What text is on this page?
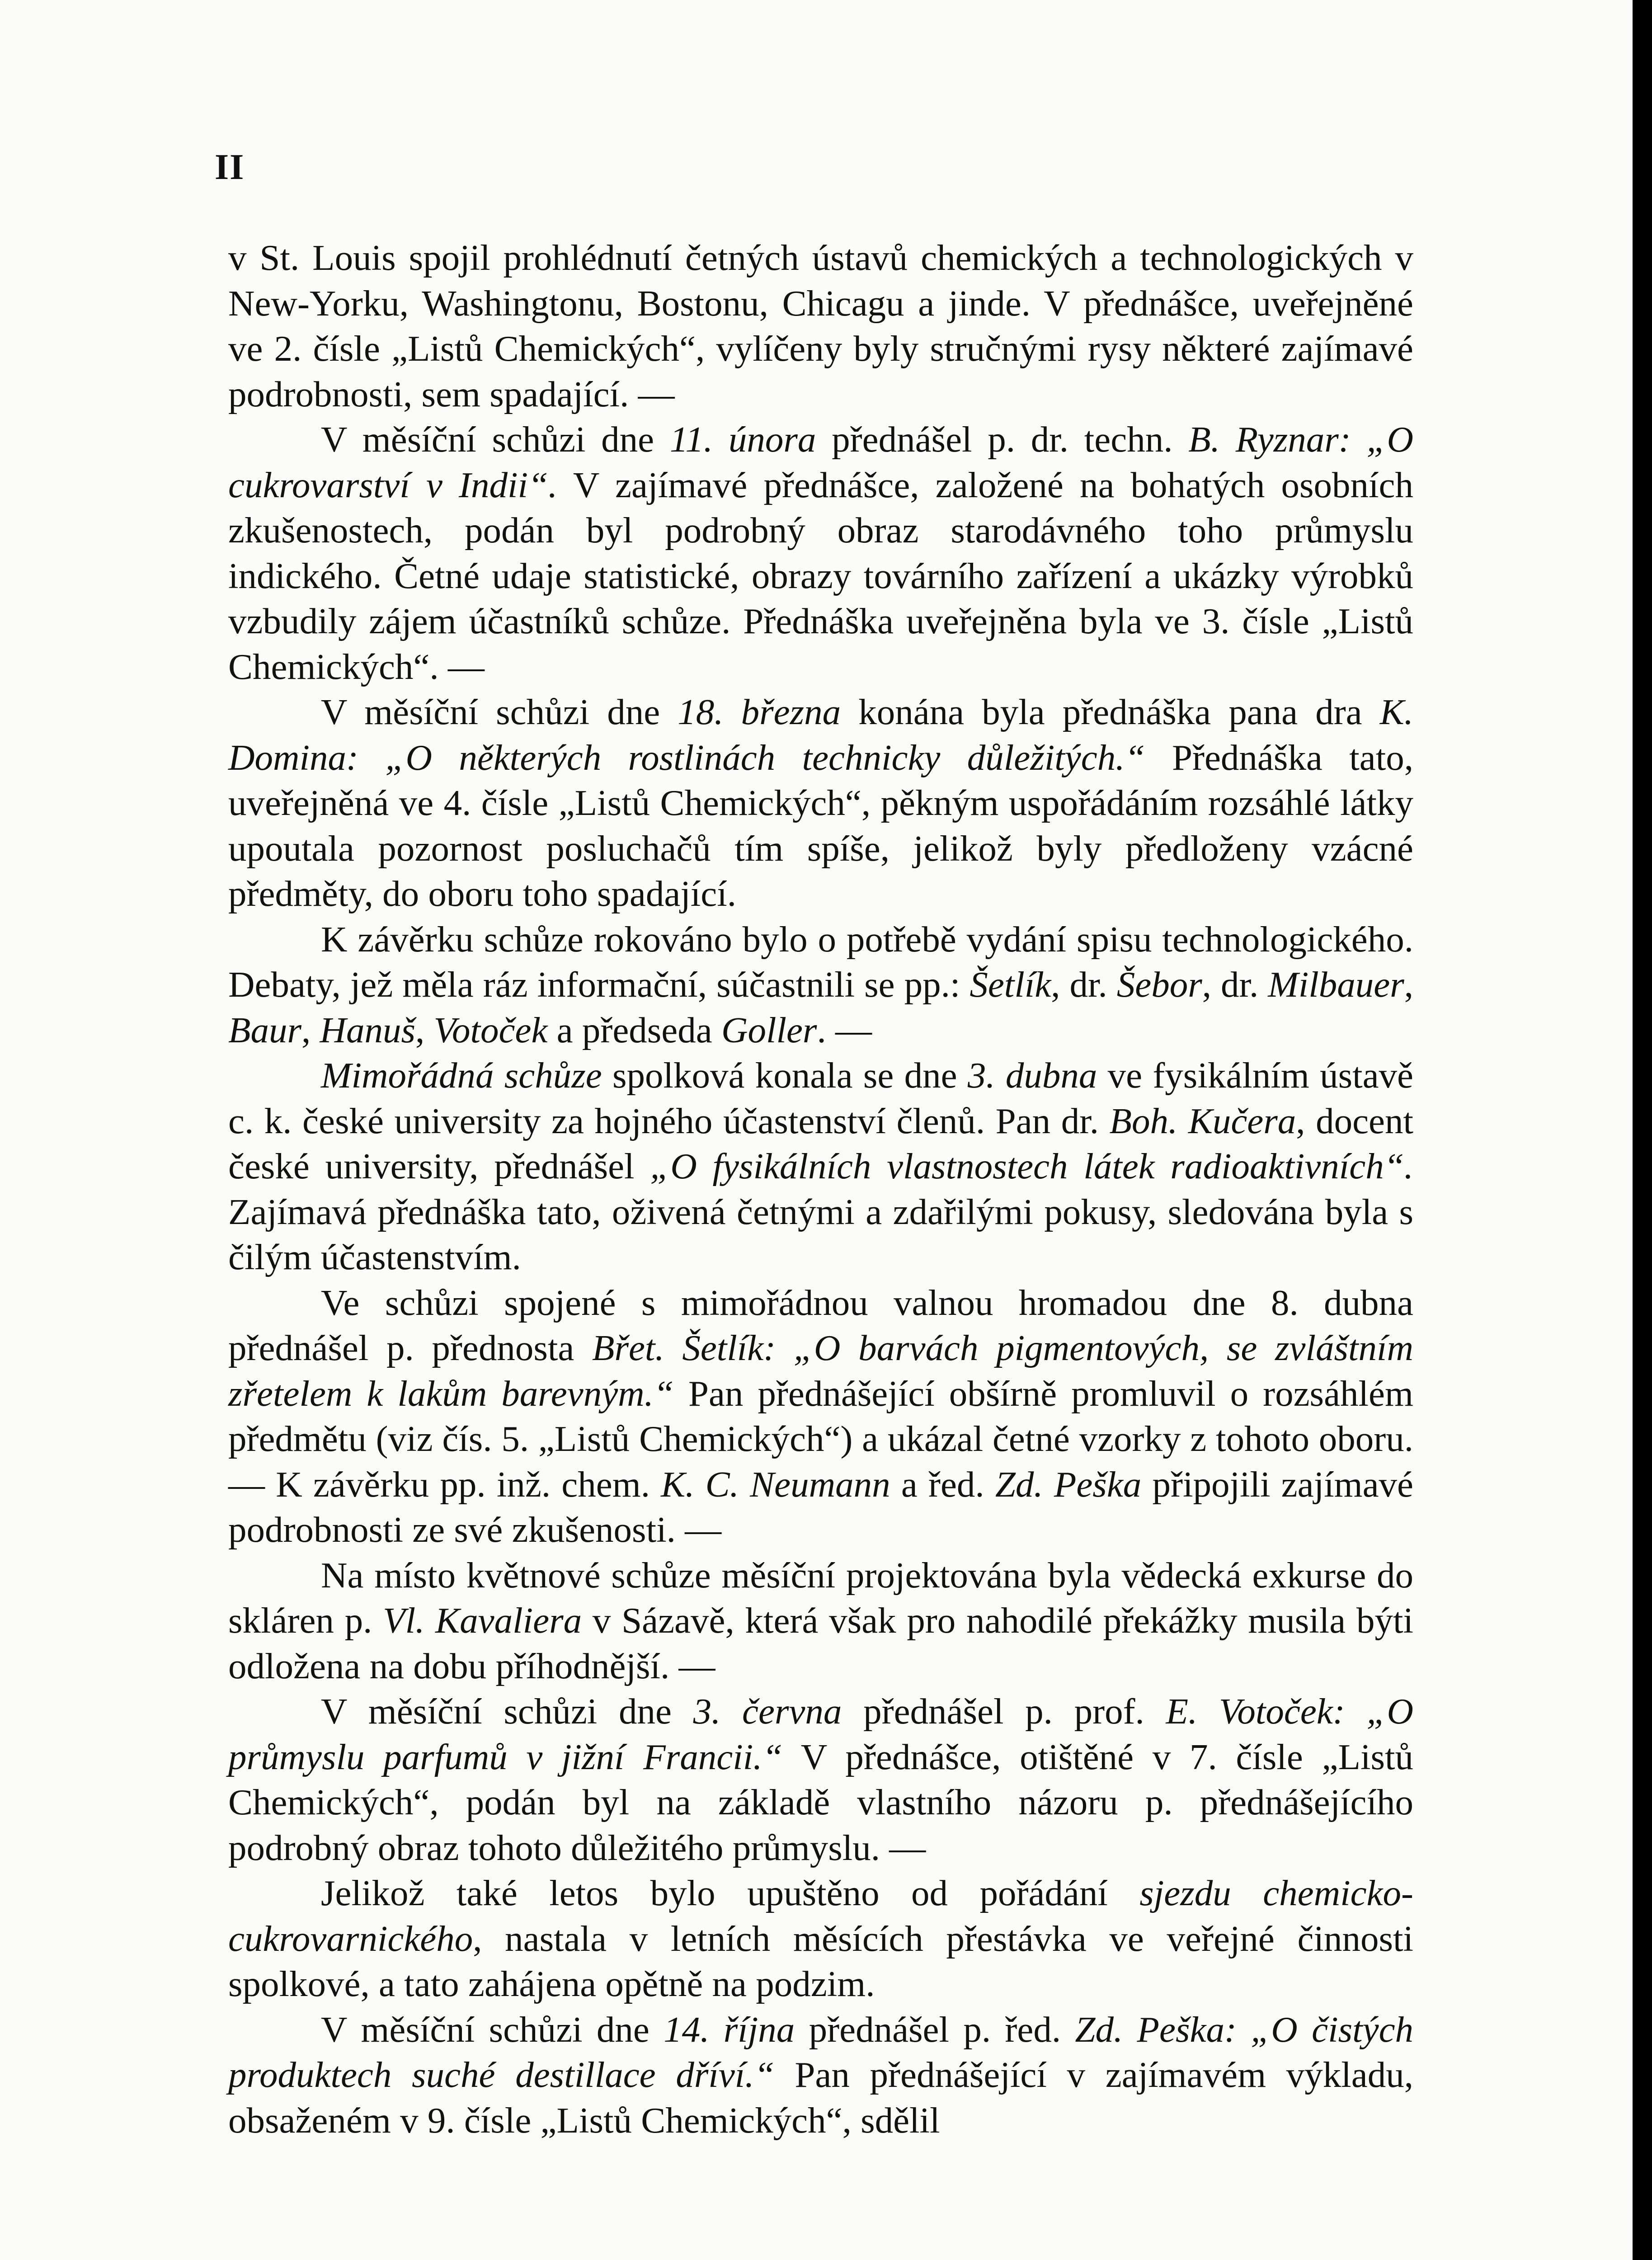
II

v St. Louis spojil prohlédnutí četných ústavů chemických a technologických v New-Yorku, Washingtonu, Bostonu, Chicagu a jinde. V přednášce, uveřejněné ve 2. čísle „Listů Chemických“, vylíčeny byly stručnými rysy některé zajímavé podrobnosti, sem spadající. —

V měsíční schůzi dne 11. února přednášel p. dr. techn. B. Ryznar: „O cukrovarství v Indii“. V zajímavé přednášce, založené na bohatých osobních zkušenostech, podán byl podrobný obraz starodávného toho průmyslu indického. Četné udaje statistické, obrazy továrního zařízení a ukázky výrobků vzbudily zájem účastníků schůze. Přednáška uveřejněna byla ve 3. čísle „Listů Chemických“. —

V měsíční schůzi dne 18. března konána byla přednáška pana dra K. Domina: „O některých rostlinách technicky důležitých.“ Přednáška tato, uveřejněná ve 4. čísle „Listů Chemických“, pěkným uspořádáním rozsáhlé látky upoutala pozornost posluchačů tím spíše, jelikož byly předloženy vzácné předměty, do oboru toho spadající.

K závěrku schůze rokováno bylo o potřebě vydání spisu technologického. Debaty, jež měla ráz informační, súčastnili se pp.: Šetlík, dr. Šebor, dr. Milbauer, Baur, Hanuš, Votoček a předseda Goller. —

Mimořádná schůze spolková konala se dne 3. dubna ve fysikálním ústavě c. k. české university za hojného účastenství členů. Pan dr. Boh. Kučera, docent české university, přednášel „O fysikálních vlastnostech látek radioaktivních“. Zajímavá přednáška tato, oživená četnými a zdařilými pokusy, sledována byla s čilým účastenstvím.

Ve schůzi spojené s mimořádnou valnou hromadou dne 8. dubna přednášel p. přednosta Břet. Šetlík: „O barvách pigmentových, se zvláštním zřetelem k lakům barevným.“ Pan přednášející obšírně promluvil o rozsáhlém předmětu (viz čís. 5. „Listů Chemických“) a ukázal četné vzorky z tohoto oboru. — K závěrku pp. inž. chem. K. C. Neumann a řed. Zd. Peška připojili zajímavé podrobnosti ze své zkušenosti. —

Na místo květnové schůze měsíční projektována byla vědecká exkurse do skláren p. Vl. Kavaliera v Sázavě, která však pro nahodilé překážky musila býti odložena na dobu příhodnější. —

V měsíční schůzi dne 3. června přednášel p. prof. E. Votoček: „O průmyslu parfumů v jižní Francii.“ V přednášce, otištěné v 7. čísle „Listů Chemických“, podán byl na základě vlastního názoru p. přednášejícího podrobný obraz tohoto důležitého průmyslu. —

Jelikož také letos bylo upuštěno od pořádání sjezdu chemicko-cukrovarnického, nastala v letních měsících přestávka ve veřejné činnosti spolkové, a tato zahájena opětně na podzim.

V měsíční schůzi dne 14. října přednášel p. řed. Zd. Peška: „O čistých produktech suché destillace dříví.“ Pan přednášející v zajímavém výkladu, obsaženém v 9. čísle „Listů Chemických“, sdělil
